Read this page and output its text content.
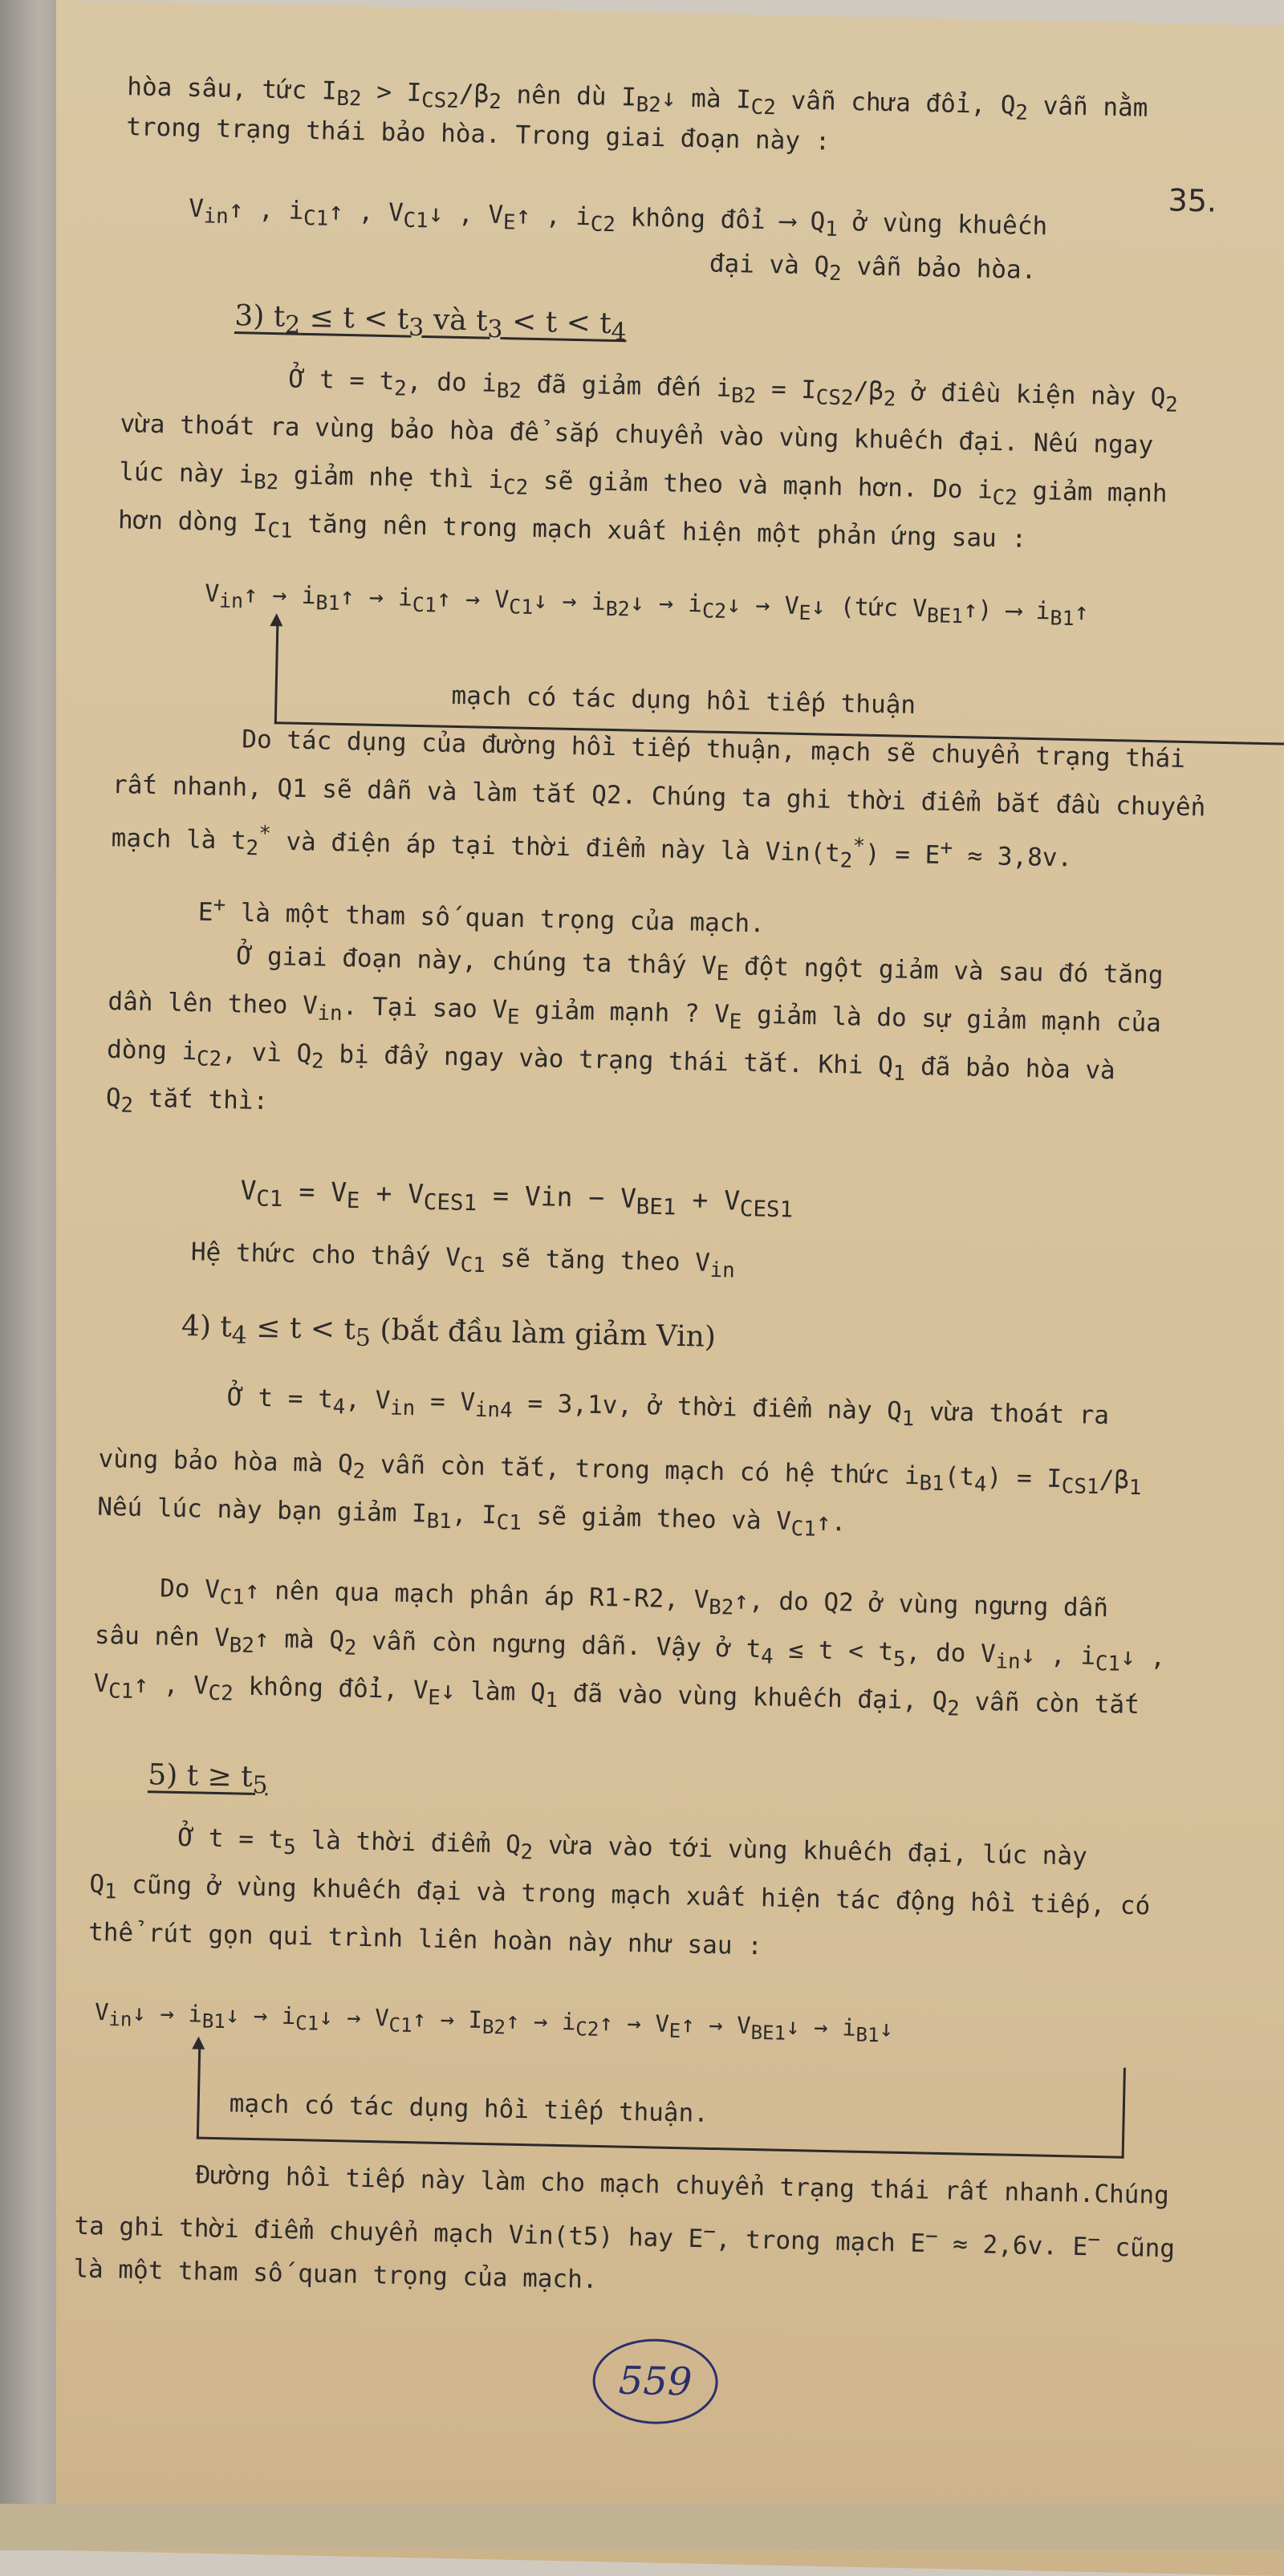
35.
hòa sâu, tức $I_{B2} > I_{CS2}/\beta_2$ nên dù $I_{B2}↓$ mà $I_{C2}$ vẫn chưa đổi, $Q_2$ vẫn nằm
trong trạng thái bảo hòa. Trong giai đoạn này :
$V_{in}↑$ , $i_{C1}↑$ , $V_{C1}↓$ , $V_E↑$ , $i_{C2}$ không đổi ⟶ $Q_1$ ở vùng khuếch
đại và $Q_2$ vẫn bảo hòa.
3) $t_2 \le t < t_3$ và $t_3 < t < t_4$
Ở $t = t_2$, do $i_{B2}$ đã giảm đến $i_{B2} = I_{CS2}/\beta_2$ ở điều kiện này $Q_2$
vừa thoát ra vùng bảo hòa để sắp chuyển vào vùng khuếch đại. Nếu ngay
lúc này $i_{B2}$ giảm nhẹ thì $i_{C2}$ sẽ giảm theo và mạnh hơn. Do $i_{C2}$ giảm mạnh
hơn dòng $I_{C1}$ tăng nên trong mạch xuất hiện một phản ứng sau :
$V_{in}↑$ → $i_{B1}↑$ → $i_{C1}↑$ → $V_{C1}↓$ → $i_{B2}↓$ → $i_{C2}↓$ → $V_E↓$ (tức $V_{BE1}↑$) ⟶ $i_{B1}↑$
mạch có tác dụng hồi tiếp thuận
Do tác dụng của đường hồi tiếp thuận, mạch sẽ chuyển trạng thái
rất nhanh, Q1 sẽ dẫn và làm tắt Q2. Chúng ta ghi thời điểm bắt đầu chuyển
mạch là $t_2^*$ và điện áp tại thời điểm này là $Vin(t_2^*) = E^+ \approx 3,8v$.
E+ là một tham số quan trọng của mạch.
Ở giai đoạn này, chúng ta thấy $V_E$ đột ngột giảm và sau đó tăng
dần lên theo $V_{in}$. Tại sao $V_E$ giảm mạnh ? $V_E$ giảm là do sự giảm mạnh của
dòng $i_{C2}$, vì $Q_2$ bị đẩy ngay vào trạng thái tắt. Khi $Q_1$ đã bảo hòa và
$Q_2$ tắt thì:
$V_{C1} = V_E + V_{CES1}$ = Vin − $V_{BE1} + V_{CES1}$
Hệ thức cho thấy $V_{C1}$ sẽ tăng theo $V_{in}$
4) $t_4 \le t < t_5$ (bắt đầu làm giảm Vin)
Ở $t = t_4$, $V_{in} = V_{in4} = 3,1v$, ở thời điểm này $Q_1$ vừa thoát ra
vùng bảo hòa mà $Q_2$ vẫn còn tắt, trong mạch có hệ thức $i_{B1}(t_4) = I_{CS1}/\beta_1$
Nếu lúc này bạn giảm $I_{B1}$, $I_{C1}$ sẽ giảm theo và $V_{C1}↑$.
Do $V_{C1}↑$ nên qua mạch phân áp R1-R2, $V_{B2}↑$, do Q2 ở vùng ngưng dẫn
sâu nên $V_{B2}↑$ mà $Q_2$ vẫn còn ngưng dẫn. Vậy ở $t_4 \le t < t_5$, do $V_{in}↓$ , $i_{C1}↓$ ,
$V_{C1}↑$ , $V_{C2}$ không đổi, $V_E↓$ làm $Q_1$ đã vào vùng khuếch đại, $Q_2$ vẫn còn tắt
5) $t \ge t_5$
Ở $t = t_5$ là thời điểm $Q_2$ vừa vào tới vùng khuếch đại, lúc này
$Q_1$ cũng ở vùng khuếch đại và trong mạch xuất hiện tác động hồi tiếp, có
thể rút gọn qui trình liên hoàn này như sau :
$V_{in}↓$ → $i_{B1}↓$ → $i_{C1}↓$ → $V_{C1}↑$ → $I_{B2}↑$ → $i_{C2}↑$ → $V_E↑$ → $V_{BE1}↓$ → $i_{B1}↓$
mạch có tác dụng hồi tiếp thuận.
Đường hồi tiếp này làm cho mạch chuyển trạng thái rất nhanh.Chúng
ta ghi thời điểm chuyển mạch Vin(t5) hay E−, trong mạch E− ≈ 2,6v. E− cũng
là một tham số quan trọng của mạch.
559
